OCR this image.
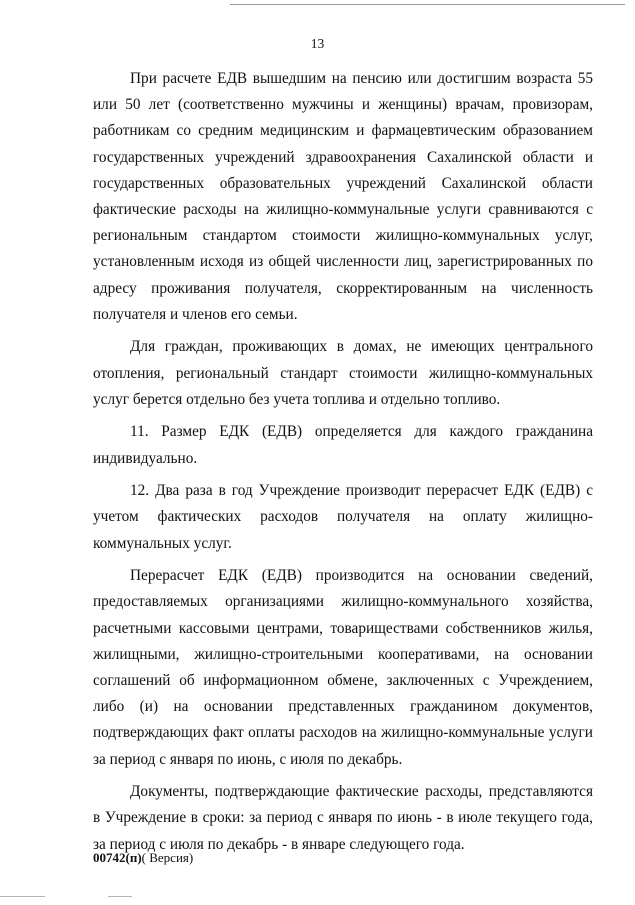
13

При расчете ЕДВ вышедшим на пенсию или достигшим возраста 55 или 50 лет (соответственно мужчины и женщины) врачам, провизорам, работникам со средним медицинским и фармацевтическим образованием государственных учреждений здравоохранения Сахалинской области и государственных образовательных учреждений Сахалинской области фактические расходы на жилищно-коммунальные услуги сравниваются с региональным стандартом стоимости жилищно-коммунальных услуг, установленным исходя из общей численности лиц, зарегистрированных по адресу проживания получателя, скорректированным на численность получателя и членов его семьи.

Для граждан, проживающих в домах, не имеющих центрального отопления, региональный стандарт стоимости жилищно-коммунальных услуг берется отдельно без учета топлива и отдельно топливо.

11. Размер ЕДК (ЕДВ) определяется для каждого гражданина индивидуально.

12. Два раза в год Учреждение производит перерасчет ЕДК (ЕДВ) с учетом фактических расходов получателя на оплату жилищно-коммунальных услуг.

Перерасчет ЕДК (ЕДВ) производится на основании сведений, предоставляемых организациями жилищно-коммунального хозяйства, расчетными кассовыми центрами, товариществами собственников жилья, жилищными, жилищно-строительными кооперативами, на основании соглашений об информационном обмене, заключенных с Учреждением, либо (и) на основании представленных гражданином документов, подтверждающих факт оплаты расходов на жилищно-коммунальные услуги за период с января по июнь, с июля по декабрь.

Документы, подтверждающие фактические расходы, представляются в Учреждение в сроки: за период с января по июнь - в июле текущего года, за период с июля по декабрь - в январе следующего года.

00742(п)( Версия)
